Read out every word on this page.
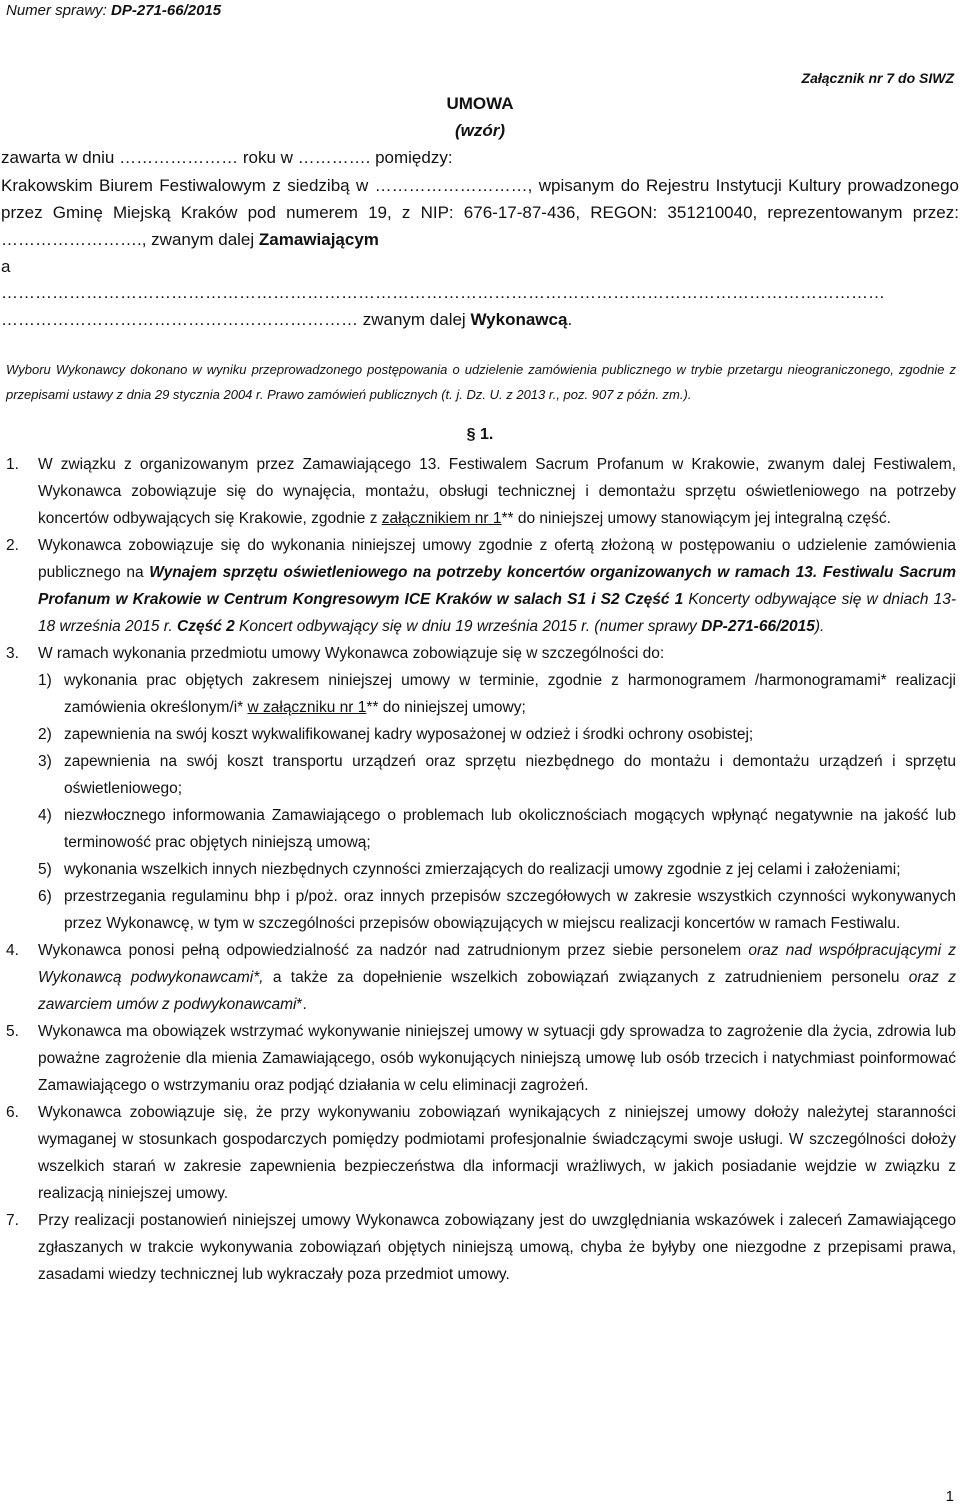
Numer sprawy: DP-271-66/2015
Załącznik nr 7 do SIWZ
UMOWA
(wzór)
zawarta w dniu ………………… roku w …………. pomiędzy:
Krakowskim Biurem Festiwalowym z siedzibą w ………………………, wpisanym do Rejestru Instytucji Kultury prowadzonego przez Gminę Miejską Kraków pod numerem 19, z NIP: 676-17-87-436, REGON: 351210040, reprezentowanym przez: ……………………., zwanym dalej Zamawiającym
a
…………………………………………………………………………………………………………………………………………
……………………………………………………… zwanym dalej Wykonawcą.
Wyboru Wykonawcy dokonano w wyniku przeprowadzonego postępowania o udzielenie zamówienia publicznego w trybie przetargu nieograniczonego, zgodnie z przepisami ustawy z dnia 29 stycznia 2004 r. Prawo zamówień publicznych (t. j. Dz. U. z 2013 r., poz. 907 z późn. zm.).
§ 1.
1.	W związku z organizowanym przez Zamawiającego 13. Festiwalem Sacrum Profanum w Krakowie, zwanym dalej Festiwalem, Wykonawca zobowiązuje się do wynajęcia, montażu, obsługi technicznej i demontażu sprzętu oświetleniowego na potrzeby koncertów odbywających się Krakowie, zgodnie z załącznikiem nr 1** do niniejszej umowy stanowiącym jej integralną część.
2.	Wykonawca zobowiązuje się do wykonania niniejszej umowy zgodnie z ofertą złożoną w postępowaniu o udzielenie zamówienia publicznego na Wynajem sprzętu oświetleniowego na potrzeby koncertów organizowanych w ramach 13. Festiwalu Sacrum Profanum w Krakowie w Centrum Kongresowym ICE Kraków w salach S1 i S2 Część 1 Koncerty odbywające się w dniach 13-18 września 2015 r. Część 2 Koncert odbywający się w dniu 19 września 2015 r. (numer sprawy DP-271-66/2015).
3.	W ramach wykonania przedmiotu umowy Wykonawca zobowiązuje się w szczególności do:
1) wykonania prac objętych zakresem niniejszej umowy w terminie, zgodnie z harmonogramem /harmonogramami* realizacji zamówienia określonym/i* w załączniku nr 1** do niniejszej umowy;
2) zapewnienia na swój koszt wykwalifikowanej kadry wyposażonej w odzież i środki ochrony osobistej;
3) zapewnienia na swój koszt transportu urządzeń oraz sprzętu niezbędnego do montażu i demontażu urządzeń i sprzętu oświetleniowego;
4) niezwłocznego informowania Zamawiającego o problemach lub okolicznościach mogących wpłynąć negatywnie na jakość lub terminowość prac objętych niniejszą umową;
5) wykonania wszelkich innych niezbędnych czynności zmierzających do realizacji umowy zgodnie z jej celami i założeniami;
6) przestrzegania regulaminu bhp i p/poż. oraz innych przepisów szczegółowych w zakresie wszystkich czynności wykonywanych przez Wykonawcę, w tym w szczególności przepisów obowiązujących w miejscu realizacji koncertów w ramach Festiwalu.
4.	Wykonawca ponosi pełną odpowiedzialność za nadzór nad zatrudnionym przez siebie personelem oraz nad współpracującymi z Wykonawcą podwykonawcami*, a także za dopełnienie wszelkich zobowiązań związanych z zatrudnieniem personelu oraz z zawarciem umów z podwykonawcami*.
5.	Wykonawca ma obowiązek wstrzymać wykonywanie niniejszej umowy w sytuacji gdy sprowadza to zagrożenie dla życia, zdrowia lub poważne zagrożenie dla mienia Zamawiającego, osób wykonujących niniejszą umowę lub osób trzecich i natychmiast poinformować Zamawiającego o wstrzymaniu oraz podjąć działania w celu eliminacji zagrożeń.
6.	Wykonawca zobowiązuje się, że przy wykonywaniu zobowiązań wynikających z niniejszej umowy dołoży należytej staranności wymaganej w stosunkach gospodarczych pomiędzy podmiotami profesjonalnie świadczącymi swoje usługi. W szczególności dołoży wszelkich starań w zakresie zapewnienia bezpieczeństwa dla informacji wrażliwych, w jakich posiadanie wejdzie w związku z realizacją niniejszej umowy.
7.	Przy realizacji postanowień niniejszej umowy Wykonawca zobowiązany jest do uwzględniania wskazówek i zaleceń Zamawiającego zgłaszanych w trakcie wykonywania zobowiązań objętych niniejszą umową, chyba że byłyby one niezgodne z przepisami prawa, zasadami wiedzy technicznej lub wykraczały poza przedmiot umowy.
1
